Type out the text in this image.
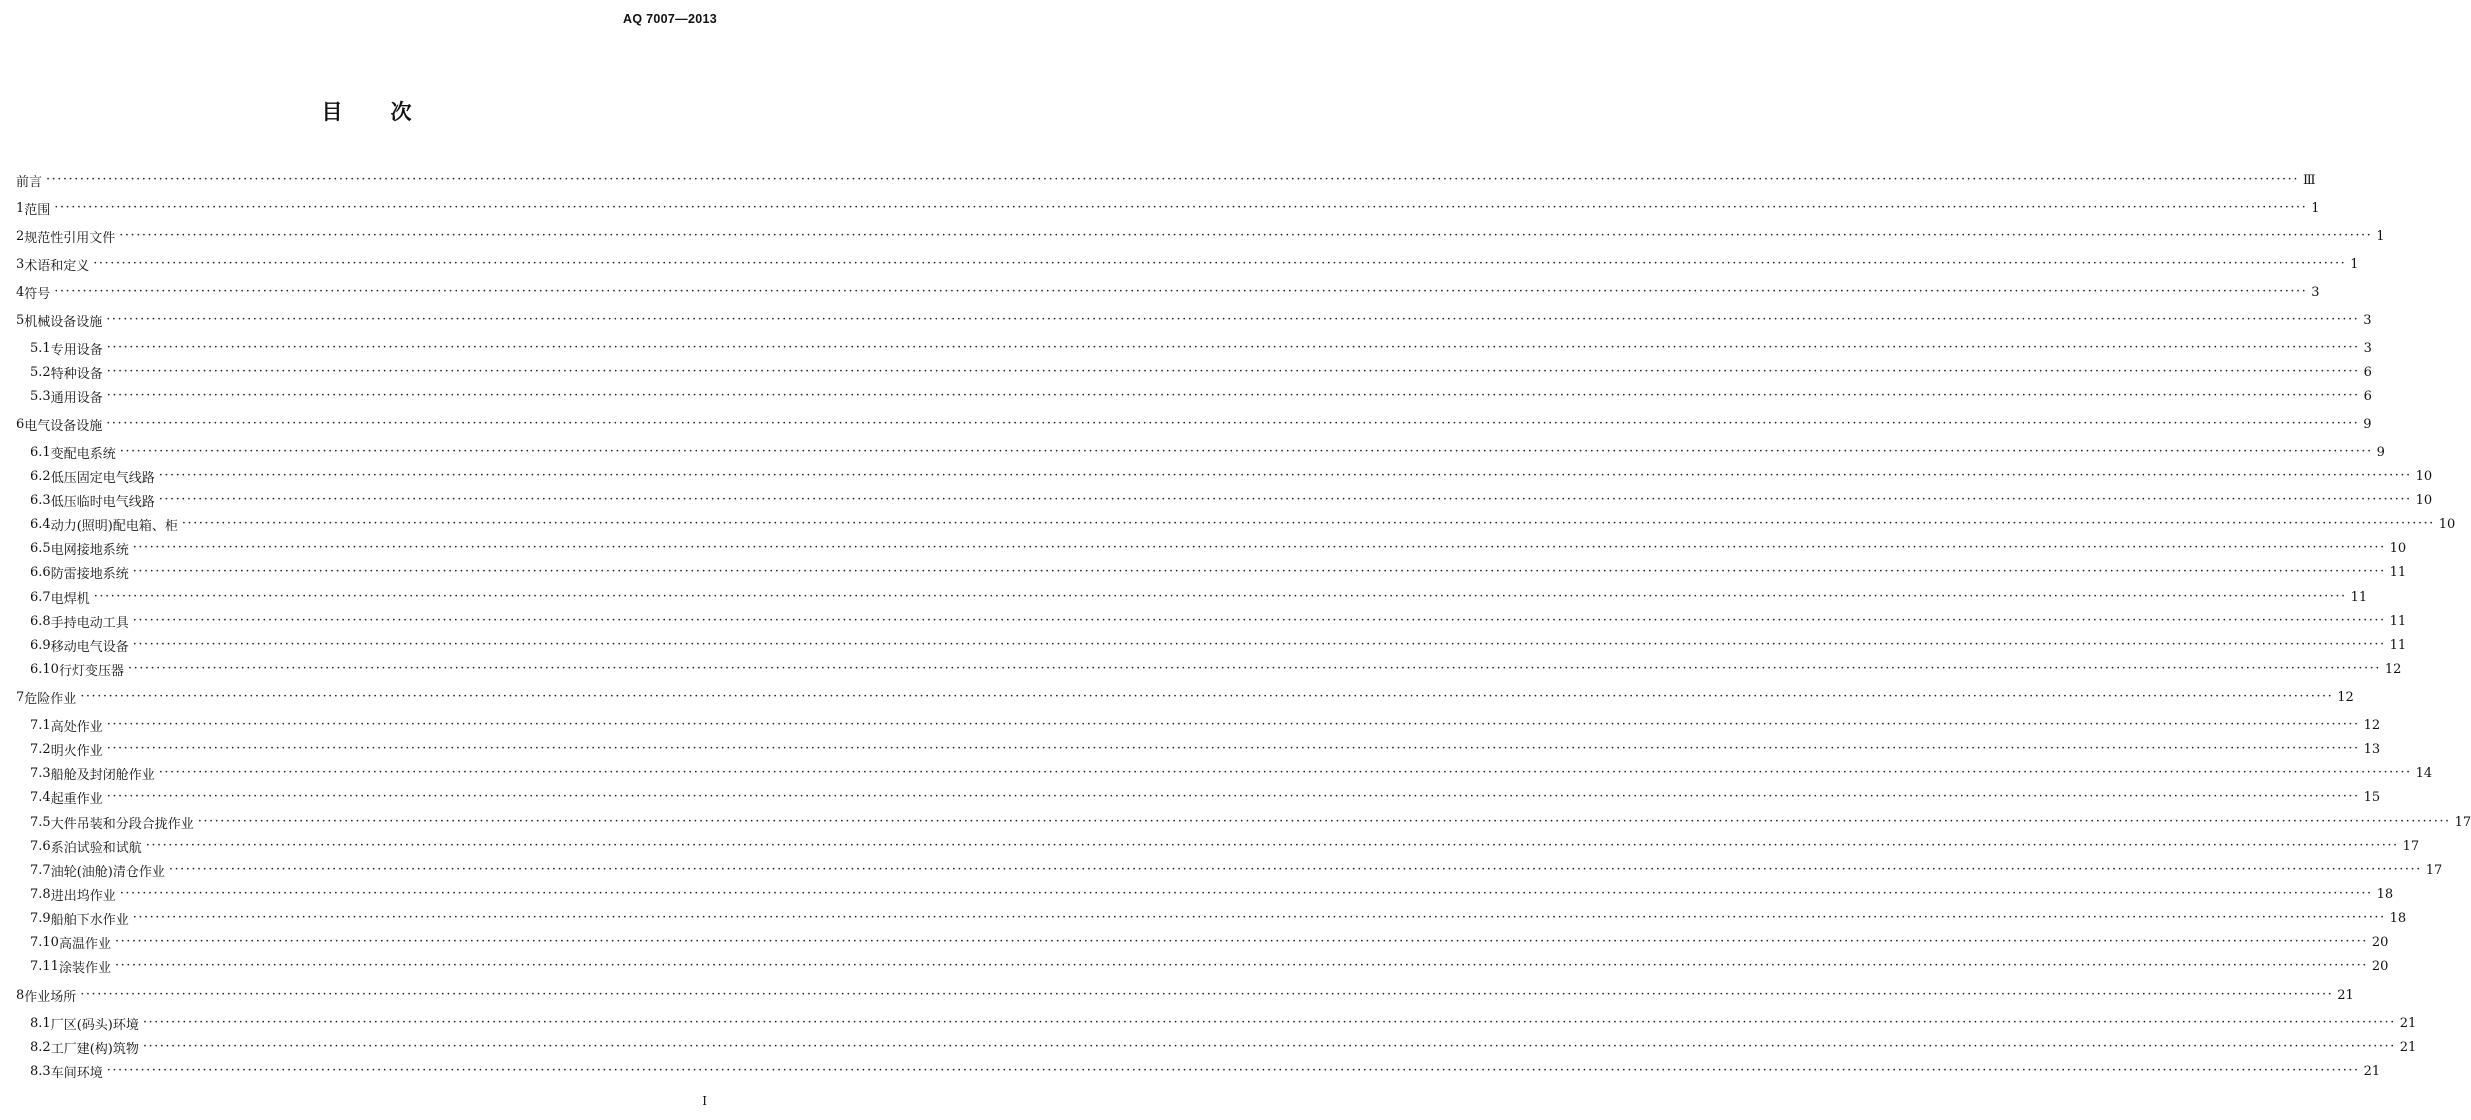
AQ 7007—2013
目次
前言 ················································································································································································································································································································································································································ Ⅲ
1 范围 ················································································································································································································································································································································································································ 1
2 规范性引用文件 ················································································································································································································································································································································································································ 1
3 术语和定义 ················································································································································································································································································································································································································ 1
4 符号 ················································································································································································································································································································································································································ 3
5 机械设备设施 ················································································································································································································································································································································································································ 3
5.1 专用设备 ················································································································································································································································································································································································································ 3
5.2 特种设备 ················································································································································································································································································································································································································ 6
5.3 通用设备 ················································································································································································································································································································································································································ 6
6 电气设备设施 ················································································································································································································································································································································································································ 9
6.1 变配电系统 ················································································································································································································································································································································································································ 9
6.2 低压固定电气线路 ················································································································································································································································································································································································································ 10
6.3 低压临时电气线路 ················································································································································································································································································································································································································ 10
6.4 动力(照明)配电箱、柜 ················································································································································································································································································································································································································ 10
6.5 电网接地系统 ················································································································································································································································································································································································································ 10
6.6 防雷接地系统 ················································································································································································································································································································································································································ 11
6.7 电焊机 ················································································································································································································································································································································································································ 11
6.8 手持电动工具 ················································································································································································································································································································································································································ 11
6.9 移动电气设备 ················································································································································································································································································································································································································ 11
6.10 行灯变压器 ················································································································································································································································································································································································································ 12
7 危险作业 ················································································································································································································································································································································································································ 12
7.1 高处作业 ················································································································································································································································································································································································································ 12
7.2 明火作业 ················································································································································································································································································································································································································ 13
7.3 船舱及封闭舱作业 ················································································································································································································································································································································································································ 14
7.4 起重作业 ················································································································································································································································································································································································································ 15
7.5 大件吊装和分段合拢作业 ················································································································································································································································································································································································································ 17
7.6 系泊试验和试航 ················································································································································································································································································································································································································ 17
7.7 油轮(油舱)清仓作业 ················································································································································································································································································································································································································ 17
7.8 进出坞作业 ················································································································································································································································································································································································································ 18
7.9 船舶下水作业 ················································································································································································································································································································································································································ 18
7.10 高温作业 ················································································································································································································································································································································································································ 20
7.11 涂装作业 ················································································································································································································································································································································································································ 20
8 作业场所 ················································································································································································································································································································································································································ 21
8.1 厂区(码头)环境 ················································································································································································································································································································································································································ 21
8.2 工厂建(构)筑物 ················································································································································································································································································································································································································ 21
8.3 车间环境 ················································································································································································································································································································································································································ 21
I
